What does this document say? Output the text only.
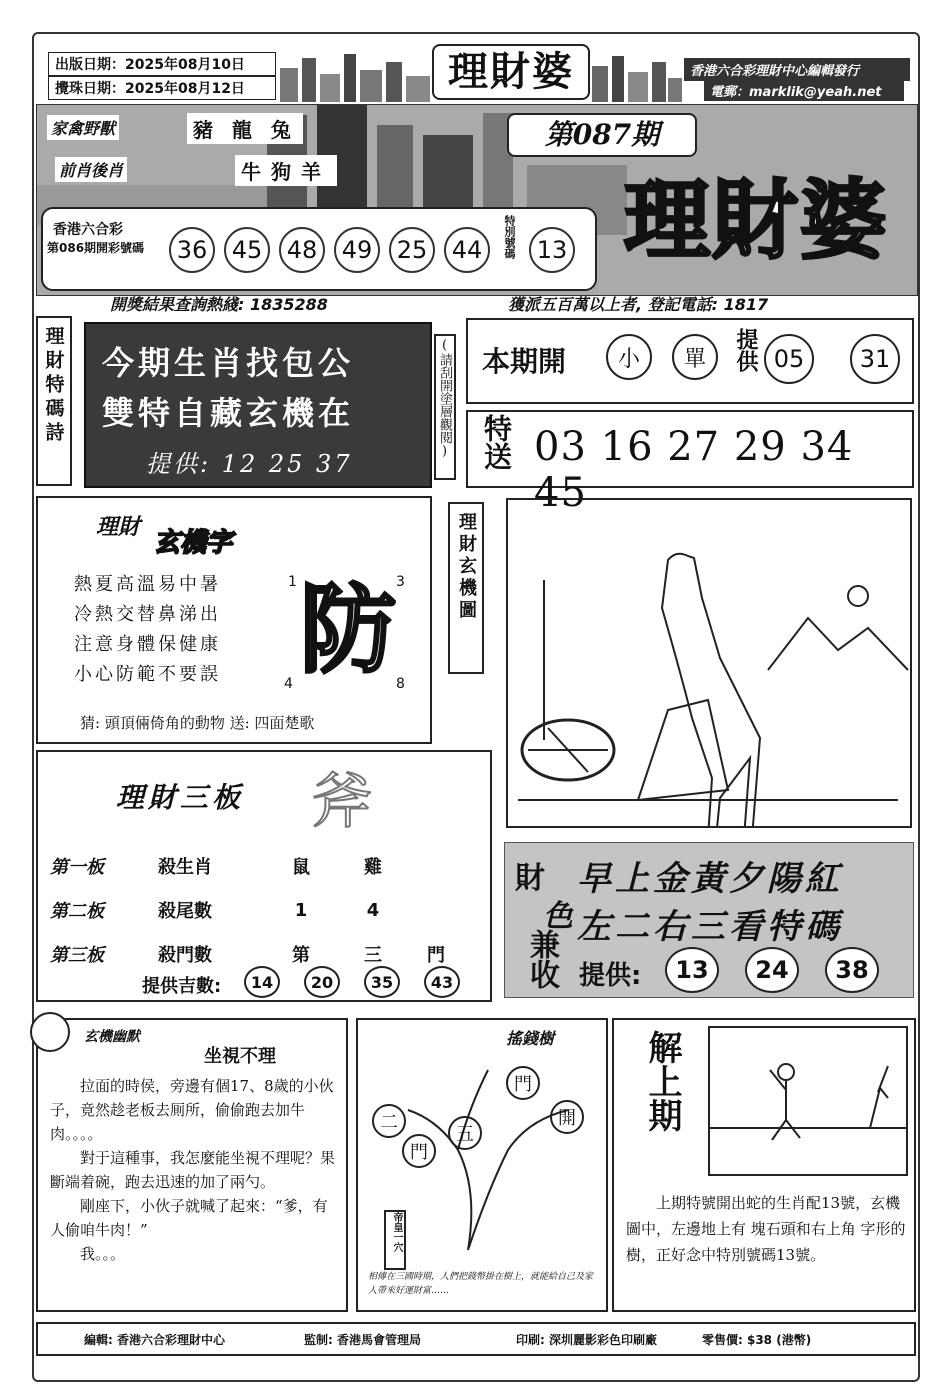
出版日期：2025年08月10日
攪珠日期：2025年08月12日	理財婆	香港六合彩理財中心編輯發行
電郵：marklik@yeah.net
家禽野獸	豬 龍 兔
前肖後肖	牛狗羊
第087期
理財婆
香港六合彩
第086期開彩號碼	36	45	48	49	25	44	特別號碼 13
開獎結果查詢熱綫: 1835288	獲派五百萬以上者, 登記電話: 1817
理財特碼詩 今期生肖找包公
雙特自藏玄機在
提供: 12 25 37
(請刮開塗層觀閱) 本期開	小	單	提供 05	31
特送 03 16 27 29 34 45
理財
玄機字
熱夏高溫易中暑
冷熱交替鼻涕出
注意身體保健康
小心防範不要誤
1	3
4	8
防
猜: 頭頂倆倚角的動物 送: 四面楚歌
理財玄機圖
理財三板 斧
第一板	殺生肖	鼠	雞
第二板	殺尾數	1	4
第三板	殺門數	第	三	門
提供吉數:	14	20	35	43
財
色
兼收
早上金黃夕陽紅
左二右三看特碼
提供:	13	24	38
玄機幽默
坐視不理

拉面的時侯，旁邊有個17、8歲的小伙子，竟然趁老板去厠所，偷偷跑去加牛肉。。。。

對于這種事，我怎麼能坐視不理呢？果斷端着碗，跑去迅速的加了兩勺。

剛座下，小伙子就喊了起來：“爹，有人偷咱牛肉！”

我。。。

搖錢樹
二
門
開
門
五
帝皇一穴
相傳在三國時期，人們把錢幣掛在樹上，就能給自己及家人帶來好運財富……
解上期
上期特號開出蛇的生肖配13號，玄機圖中，左邊地上有 塊石頭和右上角 字形的樹，正好念中特別號碼13號。
編輯: 香港六合彩理財中心	監制: 香港馬會管理局	印刷: 深圳麗影彩色印刷廠	零售價: $38 (港幣)
